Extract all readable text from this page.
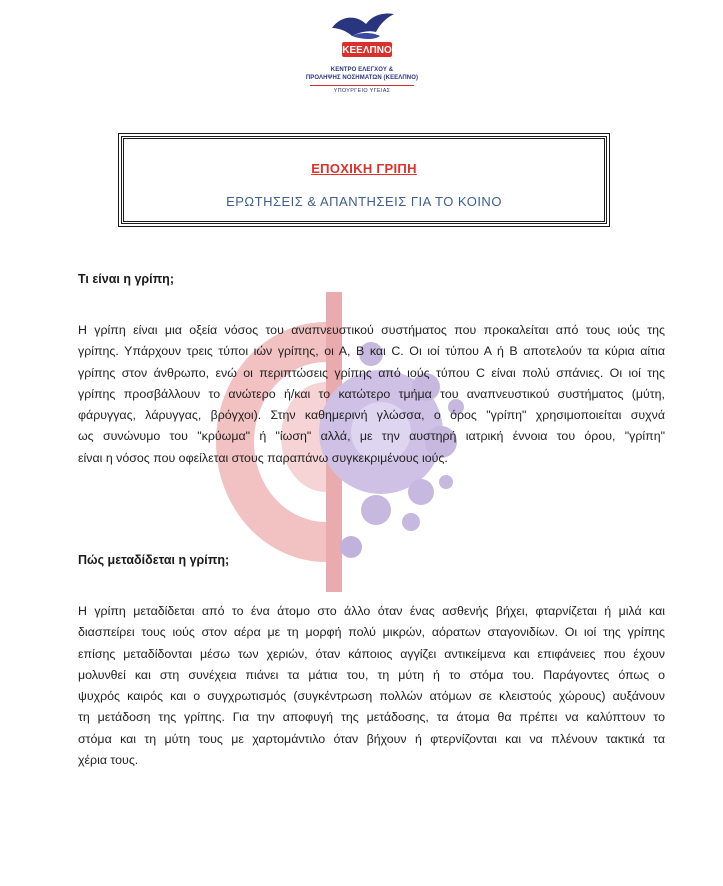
ΚΕΕΛΠΝΟ
ΚΕΝΤΡΟ ΕΛΕΓΧΟΥ &
ΠΡΟΛΗΨΗΣ ΝΟΣΗΜΑΤΩΝ (ΚΕΕΛΠΝΟ)
ΥΠΟΥΡΓΕΙΟ ΥΓΕΙΑΣ
ΕΠΟΧΙΚΗ ΓΡΙΠΗ
ΕΡΩΤΗΣΕΙΣ & ΑΠΑΝΤΗΣΕΙΣ ΓΙΑ ΤΟ ΚΟΙΝΟ
Τι είναι η γρίπη;
Η γρίπη είναι μια οξεία νόσος του αναπνευστικού συστήματος που προκαλείται από τους ιούς της
γρίπης. Υπάρχουν τρεις τύποι ιών γρίπης, οι Α, Β και C. Οι ιοί τύπου Α ή Β αποτελούν τα κύρια αίτια
γρίπης στον άνθρωπο, ενώ οι περιπτώσεις γρίπης από ιούς τύπου C είναι πολύ σπάνιες. Οι ιοί της
γρίπης προσβάλλουν το ανώτερο ή/και το κατώτερο τμήμα του αναπνευστικού συστήματος (μύτη,
φάρυγγας, λάρυγγας, βρόγχοι). Στην καθημερινή γλώσσα, ο όρος "γρίπη" χρησιμοποιείται συχνά
ως συνώνυμο του "κρύωμα" ή "ίωση" αλλά, με την αυστηρή ιατρική έννοια του όρου, "γρίπη"
είναι η νόσος που οφείλεται στους παραπάνω συγκεκριμένους ιούς.
Πώς μεταδίδεται η γρίπη;
Η γρίπη μεταδίδεται από το ένα άτομο στο άλλο όταν ένας ασθενής βήχει, φταρνίζεται ή μιλά και
διασπείρει τους ιούς στον αέρα με τη μορφή πολύ μικρών, αόρατων σταγονιδίων. Οι ιοί της γρίπης
επίσης μεταδίδονται μέσω των χεριών, όταν κάποιος αγγίζει αντικείμενα και επιφάνειες που έχουν
μολυνθεί και στη συνέχεια πιάνει τα μάτια του, τη μύτη ή το στόμα του. Παράγοντες όπως ο
ψυχρός καιρός και ο συγχρωτισμός (συγκέντρωση πολλών ατόμων σε κλειστούς χώρους) αυξάνουν
τη μετάδοση της γρίπης. Για την αποφυγή της μετάδοσης, τα άτομα θα πρέπει να καλύπτουν το
στόμα και τη μύτη τους με χαρτομάντιλο όταν βήχουν ή φτερνίζονται και να πλένουν τακτικά τα
χέρια τους.
